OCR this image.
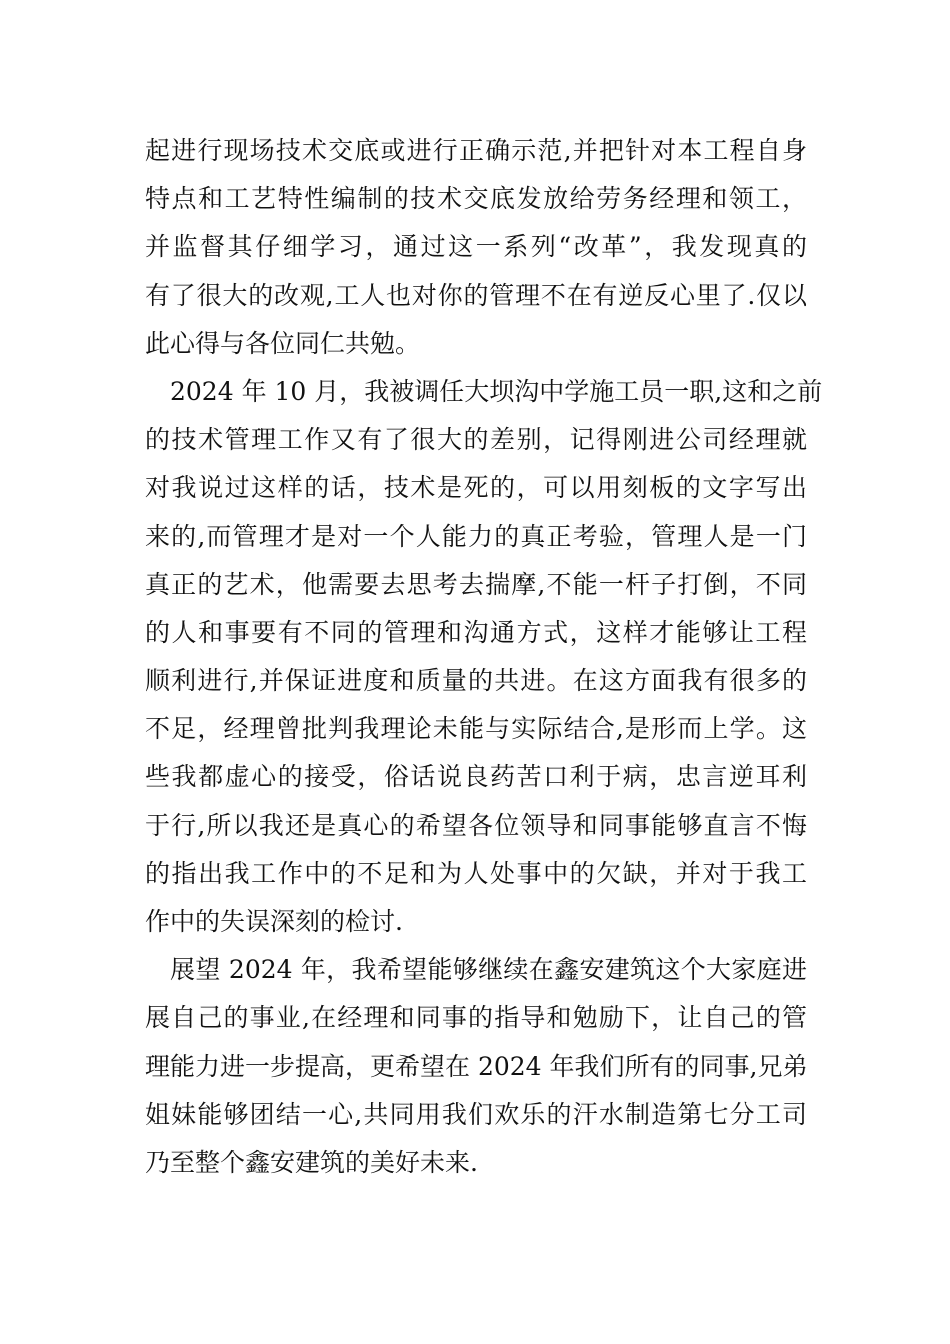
起进行现场技术交底或进行正确示范,并把针对本工程自身
特点和工艺特性编制的技术交底发放给劳务经理和领工，
并监督其仔细学习，通过这一系列“改革”，我发现真的
有了很大的改观,工人也对你的管理不在有逆反心里了.仅以
此心得与各位同仁共勉。
2024 年 10 月，我被调任大坝沟中学施工员一职,这和之前
的技术管理工作又有了很大的差别，记得刚进公司经理就
对我说过这样的话，技术是死的，可以用刻板的文字写出
来的,而管理才是对一个人能力的真正考验，管理人是一门
真正的艺术，他需要去思考去揣摩,不能一杆子打倒，不同
的人和事要有不同的管理和沟通方式，这样才能够让工程
顺利进行,并保证进度和质量的共进。在这方面我有很多的
不足，经理曾批判我理论未能与实际结合,是形而上学。这
些我都虚心的接受，俗话说良药苦口利于病，忠言逆耳利
于行,所以我还是真心的希望各位领导和同事能够直言不悔
的指出我工作中的不足和为人处事中的欠缺，并对于我工
作中的失误深刻的检讨.
展望 2024 年，我希望能够继续在鑫安建筑这个大家庭进
展自己的事业,在经理和同事的指导和勉励下，让自己的管
理能力进一步提高，更希望在 2024 年我们所有的同事,兄弟
姐妹能够团结一心,共同用我们欢乐的汗水制造第七分工司
乃至整个鑫安建筑的美好未来.
